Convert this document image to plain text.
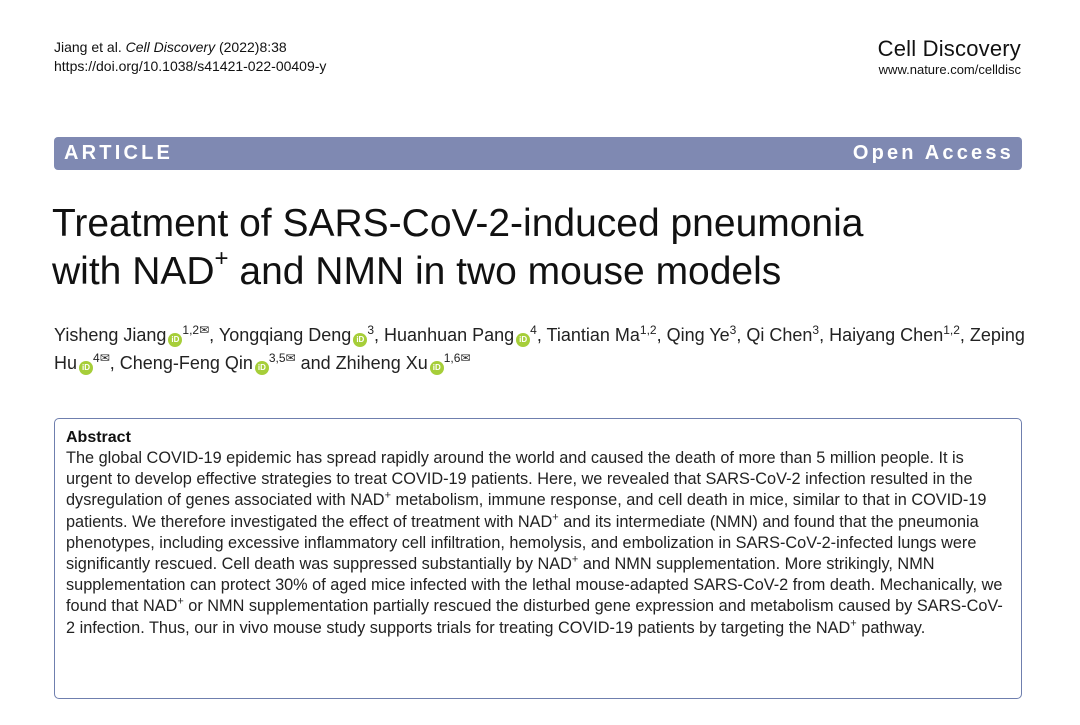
Jiang et al. Cell Discovery (2022)8:38
https://doi.org/10.1038/s41421-022-00409-y
Cell Discovery
www.nature.com/celldisc
ARTICLE	Open Access
Treatment of SARS-CoV-2-induced pneumonia
with NAD+ and NMN in two mouse models
Yisheng Jiang $iD^{1,2✉}$, Yongqiang Deng $iD^3$, Huanhuan Pang $iD^4$, Tiantian Ma$^{1,2}$, Qing Ye$^3$, Qi Chen$^3$, Haiyang Chen$^{1,2}$, Zeping Hu $iD^{4✉}$, Cheng-Feng Qin $iD^{3,5✉}$ and Zhiheng Xu $iD^{1,6✉}$
Abstract

The global COVID-19 epidemic has spread rapidly around the world and caused the death of more than 5 million people. It is urgent to develop effective strategies to treat COVID-19 patients. Here, we revealed that SARS-CoV-2 infection resulted in the dysregulation of genes associated with NAD+ metabolism, immune response, and cell death in mice, similar to that in COVID-19 patients. We therefore investigated the effect of treatment with NAD+ and its intermediate (NMN) and found that the pneumonia phenotypes, including excessive inflammatory cell infiltration, hemolysis, and embolization in SARS-CoV-2-infected lungs were significantly rescued. Cell death was suppressed substantially by NAD+ and NMN supplementation. More strikingly, NMN supplementation can protect 30% of aged mice infected with the lethal mouse-adapted SARS-CoV-2 from death. Mechanically, we found that NAD+ or NMN supplementation partially rescued the disturbed gene expression and metabolism caused by SARS-CoV-2 infection. Thus, our in vivo mouse study supports trials for treating COVID-19 patients by targeting the NAD+ pathway.
